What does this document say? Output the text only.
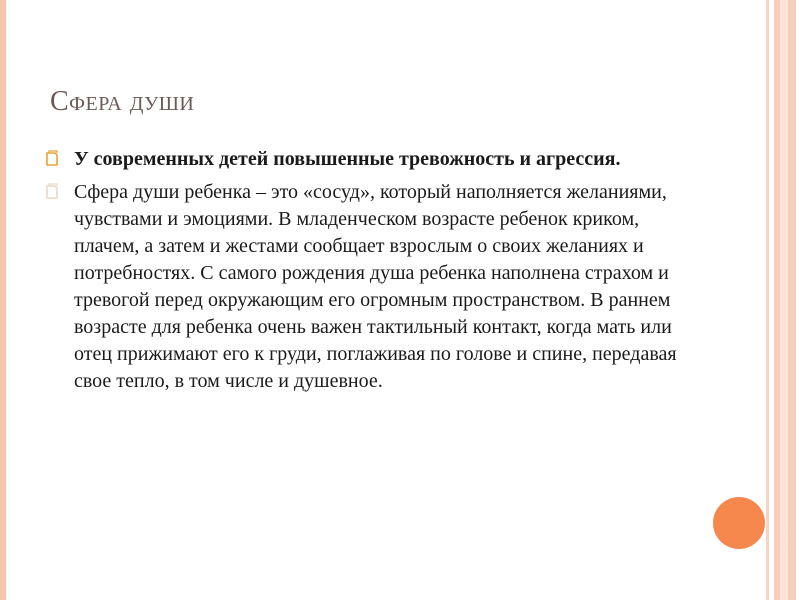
Сфера души
У современных детей повышенные тревожность и агрессия.
Сфера души ребенка – это «сосуд», который наполняется желаниями, чувствами и эмоциями. В младенческом возрасте ребенок криком, плачем, а затем и жестами сообщает взрослым о своих желаниях и потребностях. С самого рождения душа ребенка наполнена страхом и тревогой перед окружающим его огромным пространством. В раннем возрасте для ребенка очень важен тактильный контакт, когда мать или отец прижимают его к груди, поглаживая по голове и спине, передавая свое тепло, в том числе и душевное.
